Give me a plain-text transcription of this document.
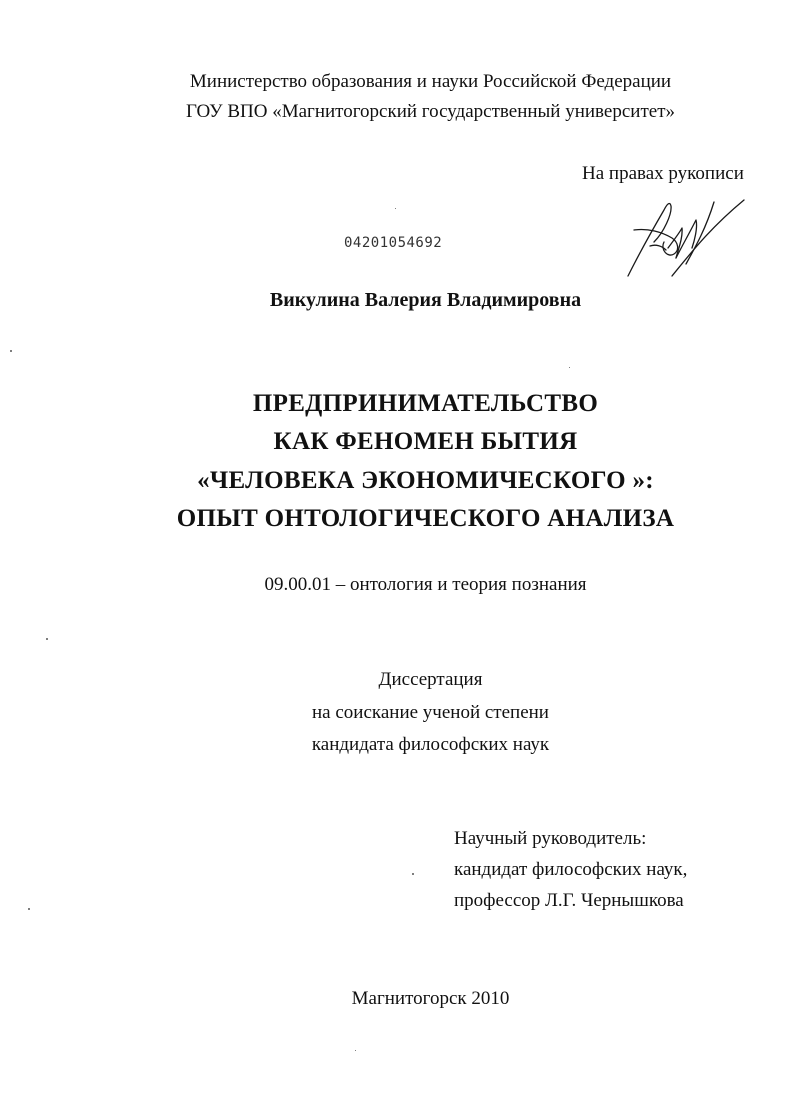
Министерство образования и науки Российской Федерации
ГОУ ВПО «Магнитогорский государственный университет»
На правах рукописи
04201054692
Викулина Валерия Владимировна
ПРЕДПРИНИМАТЕЛЬСТВО
КАК ФЕНОМЕН БЫТИЯ
«ЧЕЛОВЕКА ЭКОНОМИЧЕСКОГО »:
ОПЫТ ОНТОЛОГИЧЕСКОГО АНАЛИЗА
09.00.01 – онтология и теория познания
Диссертация
на соискание ученой степени
кандидата философских наук
Научный руководитель:
кандидат философских наук,
профессор Л.Г. Чернышкова
Магнитогорск 2010
